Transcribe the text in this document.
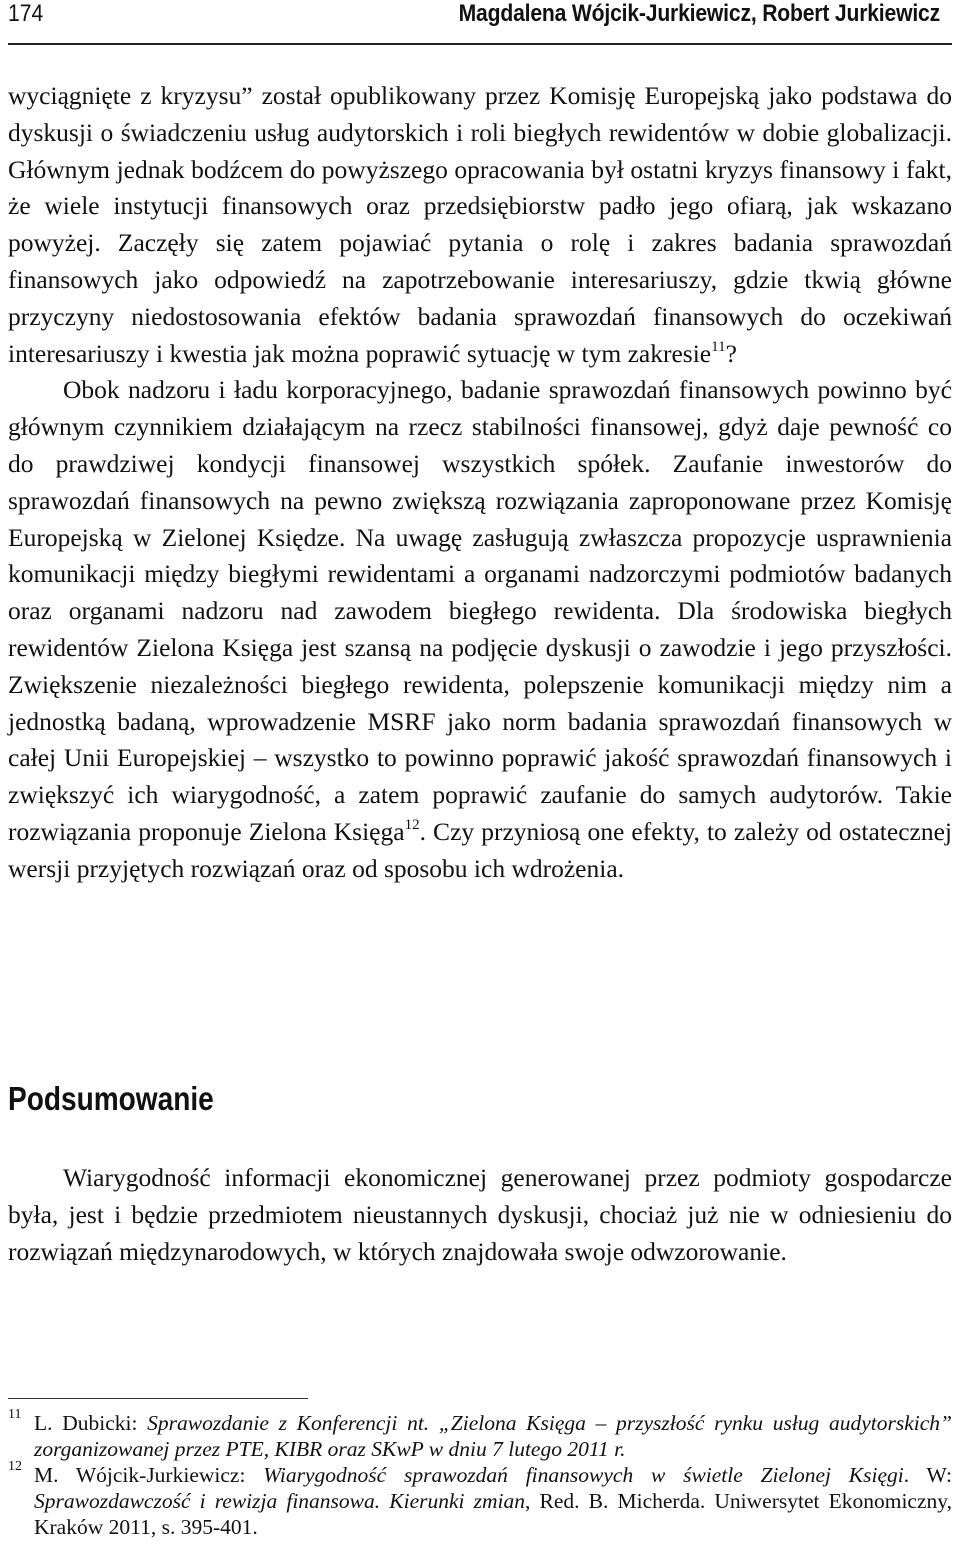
174	Magdalena Wójcik-Jurkiewicz, Robert Jurkiewicz

wyciągnięte z kryzysu” został opublikowany przez Komisję Europejską jako podstawa do dyskusji o świadczeniu usług audytorskich i roli biegłych rewidentów w dobie globalizacji. Głównym jednak bodźcem do powyższego opracowania był ostatni kryzys finansowy i fakt, że wiele instytucji finansowych oraz przedsiębiorstw padło jego ofiarą, jak wskazano powyżej. Zaczęły się zatem pojawiać pytania o rolę i zakres badania sprawozdań finansowych jako odpowiedź na zapotrzebowanie interesariuszy, gdzie tkwią główne przyczyny niedostosowania efektów badania sprawozdań finansowych do oczekiwań interesariuszy i kwestia jak można poprawić sytuację w tym zakresie$^{11}$?

Obok nadzoru i ładu korporacyjnego, badanie sprawozdań finansowych powinno być głównym czynnikiem działającym na rzecz stabilności finansowej, gdyż daje pewność co do prawdziwej kondycji finansowej wszystkich spółek. Zaufanie inwestorów do sprawozdań finansowych na pewno zwiększą rozwiązania zaproponowane przez Komisję Europejską w Zielonej Księdze. Na uwagę zasługują zwłaszcza propozycje usprawnienia komunikacji między biegłymi rewidentami a organami nadzorczymi podmiotów badanych oraz organami nadzoru nad zawodem biegłego rewidenta. Dla środowiska biegłych rewidentów Zielona Księga jest szansą na podjęcie dyskusji o zawodzie i jego przyszłości. Zwiększenie niezależności biegłego rewidenta, polepszenie komunikacji między nim a jednostką badaną, wprowadzenie MSRF jako norm badania sprawozdań finansowych w całej Unii Europejskiej – wszystko to powinno poprawić jakość sprawozdań finansowych i zwiększyć ich wiarygodność, a zatem poprawić zaufanie do samych audytorów. Takie rozwiązania proponuje Zielona Księga$^{12}$. Czy przyniosą one efekty, to zależy od ostatecznej wersji przyjętych rozwiązań oraz od sposobu ich wdrożenia.

Podsumowanie

Wiarygodność informacji ekonomicznej generowanej przez podmioty gospodarcze była, jest i będzie przedmiotem nieustannych dyskusji, chociaż już nie w odniesieniu do rozwiązań międzynarodowych, w których znajdowała swoje odwzorowanie.

11 L. Dubicki: Sprawozdanie z Konferencji nt. „Zielona Księga – przyszłość rynku usług audytorskich” zorganizowanej przez PTE, KIBR oraz SKwP w dniu 7 lutego 2011 r.
12 M. Wójcik-Jurkiewicz: Wiarygodność sprawozdań finansowych w świetle Zielonej Księgi. W: Sprawozdawczość i rewizja finansowa. Kierunki zmian, Red. B. Micherda. Uniwersytet Ekonomiczny, Kraków 2011, s. 395-401.
